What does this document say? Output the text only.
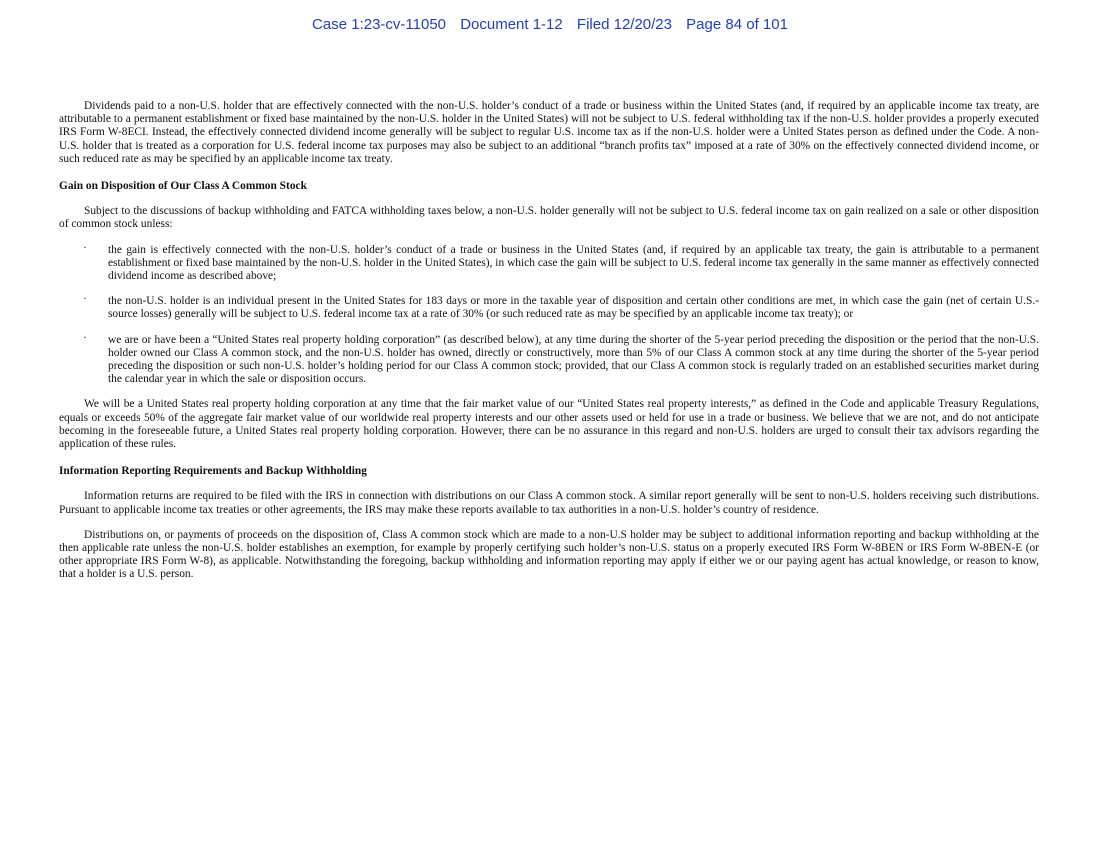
Case 1:23-cv-11050 Document 1-12 Filed 12/20/23 Page 84 of 101

Dividends paid to a non-U.S. holder that are effectively connected with the non-U.S. holder’s conduct of a trade or business within the United States (and, if required by an applicable income tax treaty, are attributable to a permanent establishment or fixed base maintained by the non-U.S. holder in the United States) will not be subject to U.S. federal withholding tax if the non-U.S. holder provides a properly executed IRS Form W-8ECI. Instead, the effectively connected dividend income generally will be subject to regular U.S. income tax as if the non-U.S. holder were a United States person as defined under the Code. A non-U.S. holder that is treated as a corporation for U.S. federal income tax purposes may also be subject to an additional “branch profits tax” imposed at a rate of 30% on the effectively connected dividend income, or such reduced rate as may be specified by an applicable income tax treaty.

Gain on Disposition of Our Class A Common Stock

Subject to the discussions of backup withholding and FATCA withholding taxes below, a non-U.S. holder generally will not be subject to U.S. federal income tax on gain realized on a sale or other disposition of common stock unless:

· the gain is effectively connected with the non-U.S. holder’s conduct of a trade or business in the United States (and, if required by an applicable tax treaty, the gain is attributable to a permanent establishment or fixed base maintained by the non-U.S. holder in the United States), in which case the gain will be subject to U.S. federal income tax generally in the same manner as effectively connected dividend income as described above;
· the non-U.S. holder is an individual present in the United States for 183 days or more in the taxable year of disposition and certain other conditions are met, in which case the gain (net of certain U.S.-source losses) generally will be subject to U.S. federal income tax at a rate of 30% (or such reduced rate as may be specified by an applicable income tax treaty); or
· we are or have been a “United States real property holding corporation” (as described below), at any time during the shorter of the 5-year period preceding the disposition or the period that the non-U.S. holder owned our Class A common stock, and the non-U.S. holder has owned, directly or constructively, more than 5% of our Class A common stock at any time during the shorter of the 5-year period preceding the disposition or such non-U.S. holder’s holding period for our Class A common stock; provided, that our Class A common stock is regularly traded on an established securities market during the calendar year in which the sale or disposition occurs.

We will be a United States real property holding corporation at any time that the fair market value of our “United States real property interests,” as defined in the Code and applicable Treasury Regulations, equals or exceeds 50% of the aggregate fair market value of our worldwide real property interests and our other assets used or held for use in a trade or business. We believe that we are not, and do not anticipate becoming in the foreseeable future, a United States real property holding corporation. However, there can be no assurance in this regard and non-U.S. holders are urged to consult their tax advisors regarding the application of these rules.

Information Reporting Requirements and Backup Withholding

Information returns are required to be filed with the IRS in connection with distributions on our Class A common stock. A similar report generally will be sent to non-U.S. holders receiving such distributions. Pursuant to applicable income tax treaties or other agreements, the IRS may make these reports available to tax authorities in a non-U.S. holder’s country of residence.

Distributions on, or payments of proceeds on the disposition of, Class A common stock which are made to a non-U.S holder may be subject to additional information reporting and backup withholding at the then applicable rate unless the non-U.S. holder establishes an exemption, for example by properly certifying such holder’s non-U.S. status on a properly executed IRS Form W-8BEN or IRS Form W-8BEN-E (or other appropriate IRS Form W-8), as applicable. Notwithstanding the foregoing, backup withholding and information reporting may apply if either we or our paying agent has actual knowledge, or reason to know, that a holder is a U.S. person.
